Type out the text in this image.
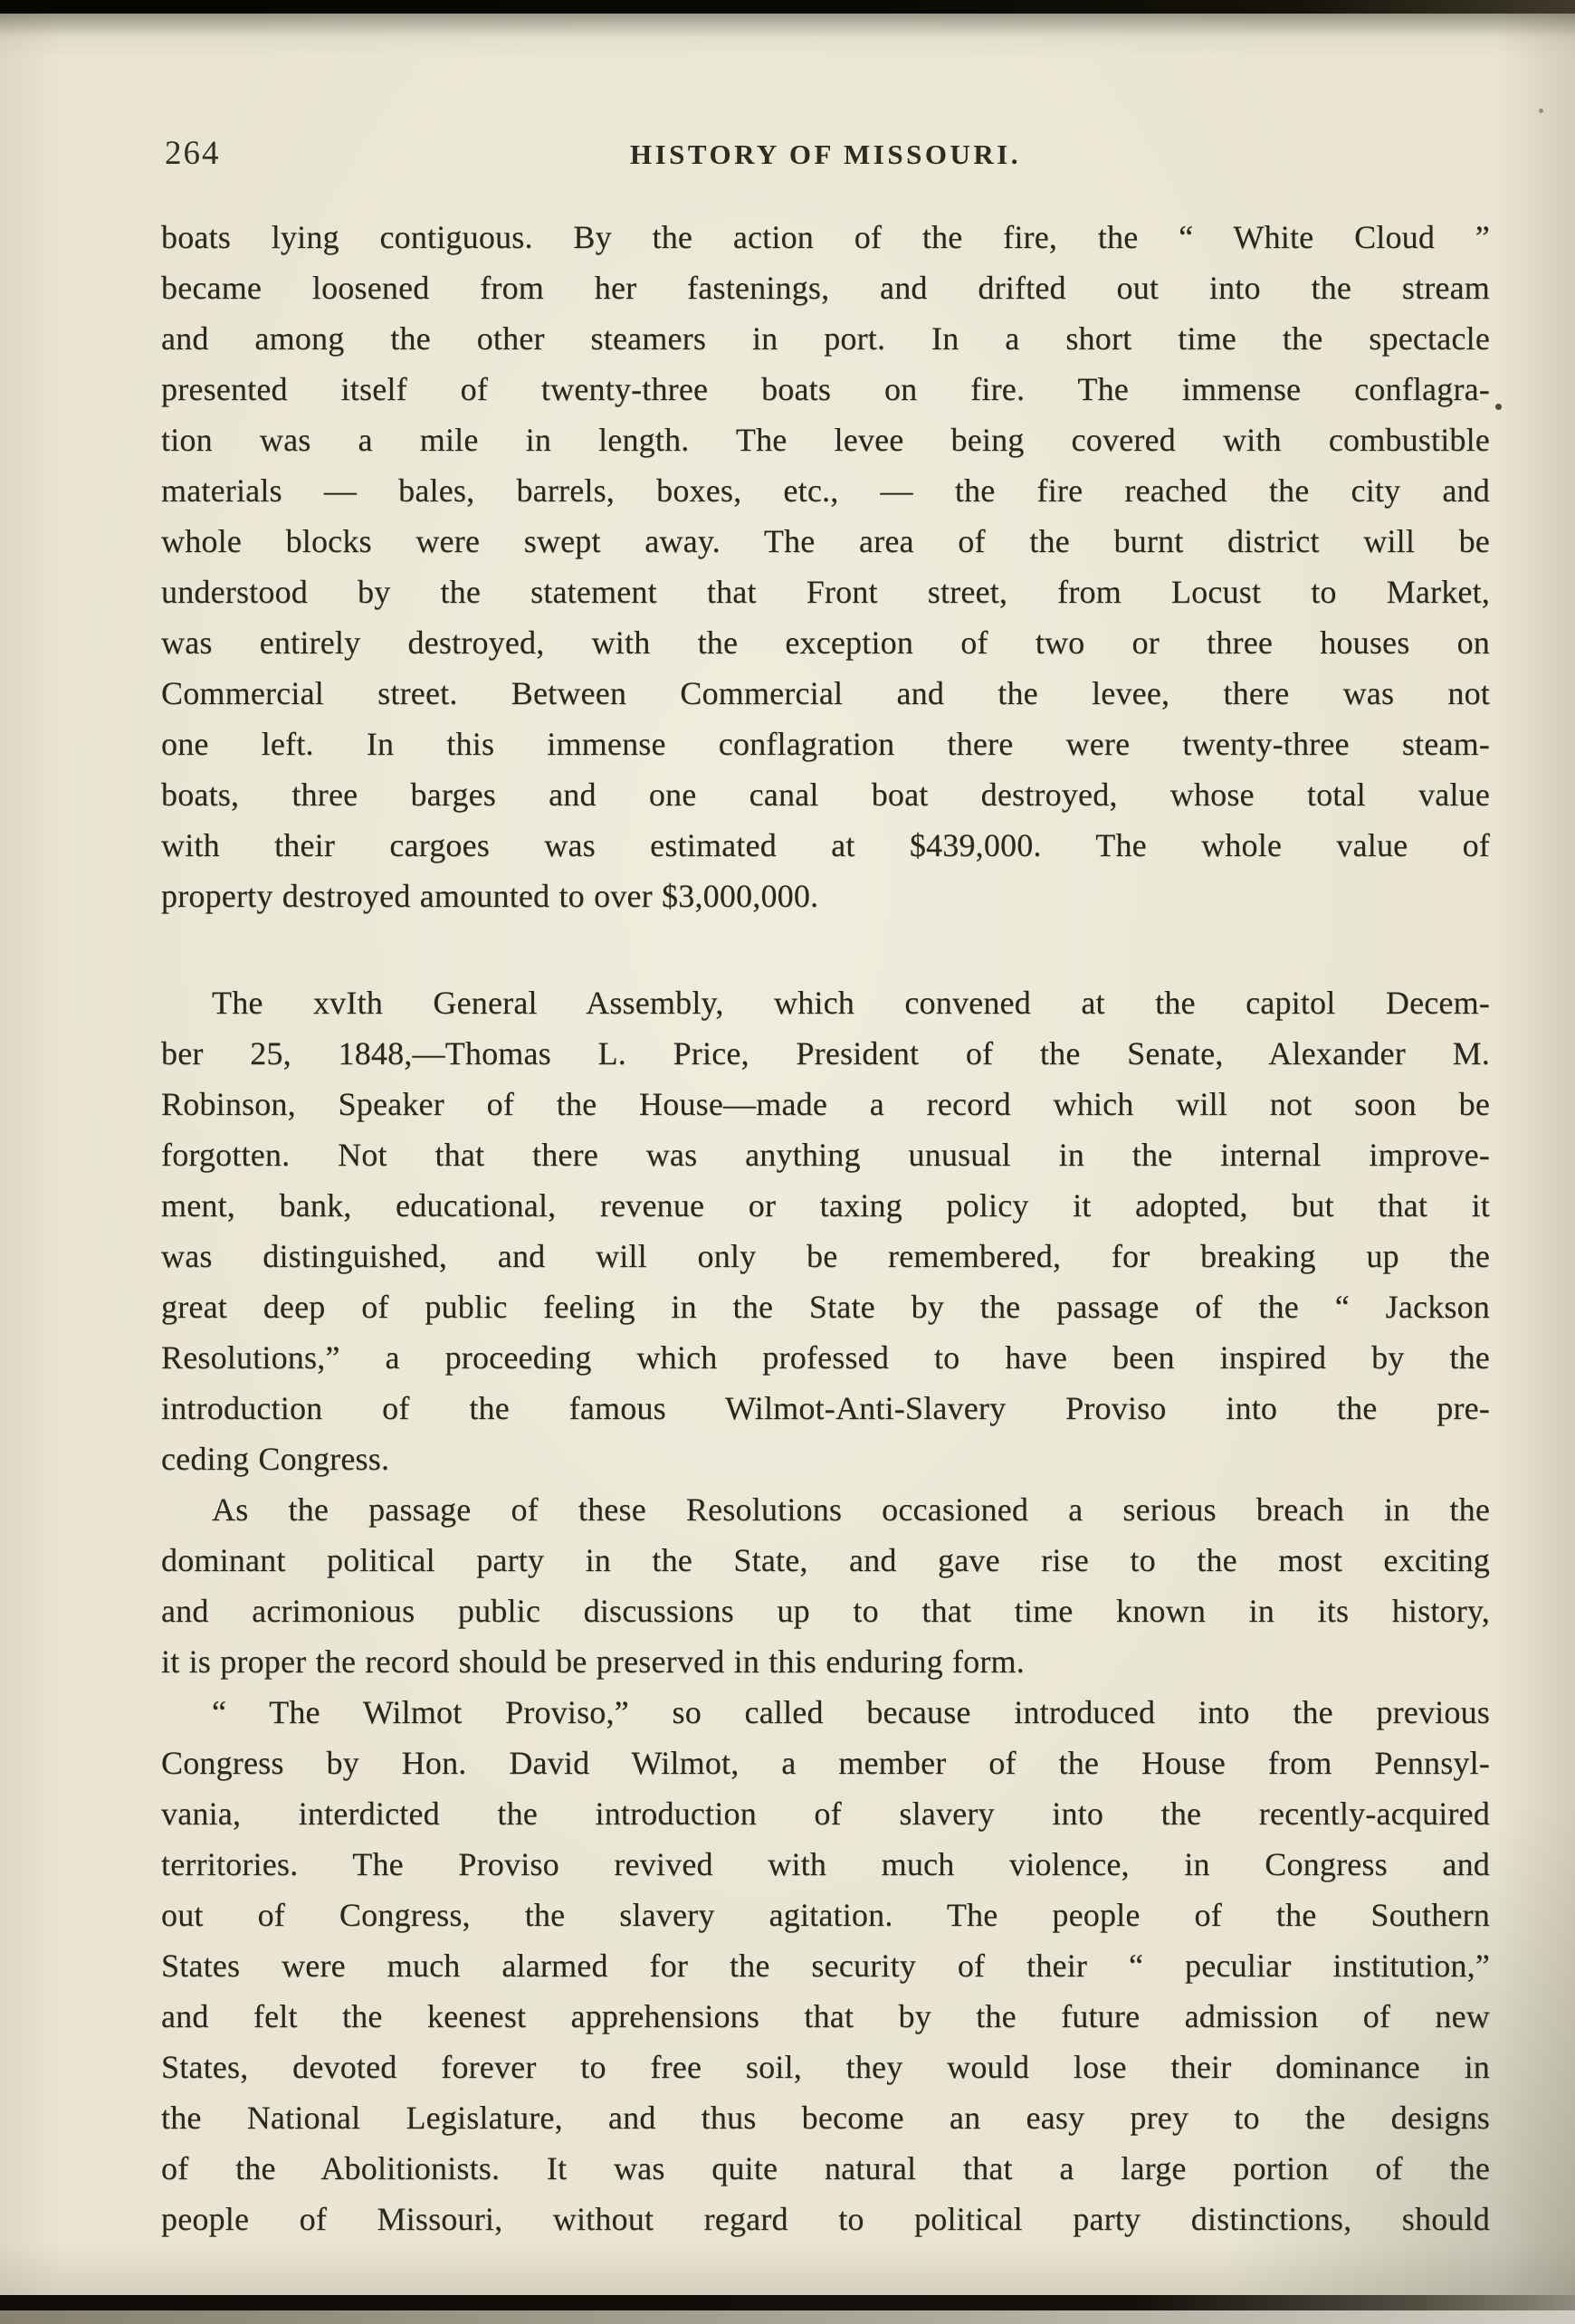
264	HISTORY OF MISSOURI.
boats lying contiguous. By the action of the fire, the “ White Cloud ”
became loosened from her fastenings, and drifted out into the stream
and among the other steamers in port. In a short time the spectacle
presented itself of twenty-three boats on fire. The immense conflagra-
tion was a mile in length. The levee being covered with combustible
materials — bales, barrels, boxes, etc., — the fire reached the city and
whole blocks were swept away. The area of the burnt district will be
understood by the statement that Front street, from Locust to Market,
was entirely destroyed, with the exception of two or three houses on
Commercial street. Between Commercial and the levee, there was not
one left. In this immense conflagration there were twenty-three steam-
boats, three barges and one canal boat destroyed, whose total value
with their cargoes was estimated at $439,000. The whole value of
property destroyed amounted to over $3,000,000.
The xvIth General Assembly, which convened at the capitol Decem-
ber 25, 1848,—Thomas L. Price, President of the Senate, Alexander M.
Robinson, Speaker of the House—made a record which will not soon be
forgotten. Not that there was anything unusual in the internal improve-
ment, bank, educational, revenue or taxing policy it adopted, but that it
was distinguished, and will only be remembered, for breaking up the
great deep of public feeling in the State by the passage of the “ Jackson
Resolutions,” a proceeding which professed to have been inspired by the
introduction of the famous Wilmot-Anti-Slavery Proviso into the pre-
ceding Congress.
As the passage of these Resolutions occasioned a serious breach in the
dominant political party in the State, and gave rise to the most exciting
and acrimonious public discussions up to that time known in its history,
it is proper the record should be preserved in this enduring form.
“ The Wilmot Proviso,” so called because introduced into the previous
Congress by Hon. David Wilmot, a member of the House from Pennsyl-
vania, interdicted the introduction of slavery into the recently-acquired
territories. The Proviso revived with much violence, in Congress and
out of Congress, the slavery agitation. The people of the Southern
States were much alarmed for the security of their “ peculiar institution,”
and felt the keenest apprehensions that by the future admission of new
States, devoted forever to free soil, they would lose their dominance in
the National Legislature, and thus become an easy prey to the designs
of the Abolitionists. It was quite natural that a large portion of the
people of Missouri, without regard to political party distinctions, should
